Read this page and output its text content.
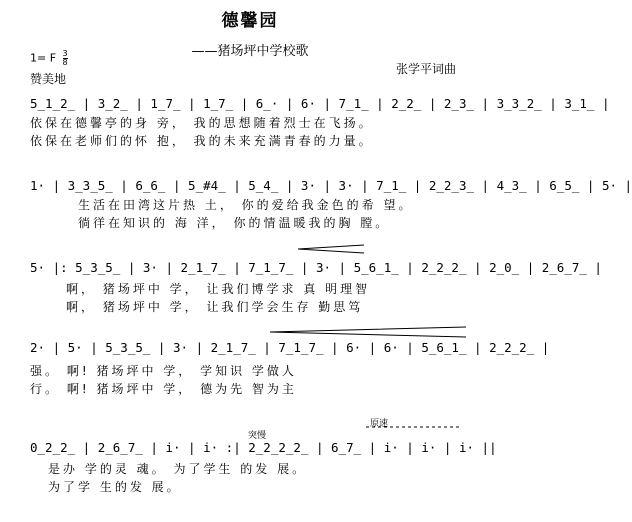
德馨园
——猪场坪中学校歌
1= F $\frac{3}{8}$
赞美地
张学平词曲
5̲1̲2̲ | 3̲2̲ | 1̲7̲ | 1̲7̲ | 6̲· | 6· | 7̲1̲ | 2̲2̲ | 2̲3̲ | 3̲3̲2̲ | 3̲1̲ |
依保在德馨亭的身 旁， 我的思想随着烈士在飞扬。
依保在老师们的怀 抱， 我的未来充满青春的力量。
1· | 3̲3̲5̲ | 6̲6̲ | 5̲#4̲ | 5̲4̲ | 3· | 3· | 7̲1̲ | 2̲2̲3̲ | 4̲3̲ | 6̲5̲ | 5· |
生活在田湾这片热 土， 你的爱给我金色的希 望。
徜徉在知识的 海 洋， 你的情温暖我的胸 膛。
5· |: 5̲3̲5̲ | 3· | 2̲1̲7̲ | 7̲1̲7̲ | 3· | 5̲6̲1̲ | 2̲2̲2̲ | 2̲0̲ | 2̲6̲7̲ |
啊， 猪场坪中 学， 让我们博学求 真 明理智
啊， 猪场坪中 学， 让我们学会生存 勤思笃
2· | 5· | 5̲3̲5̲ | 3· | 2̲1̲7̲ | 7̲1̲7̲ | 6· | 6· | 5̲6̲1̲ | 2̲2̲2̲ |
强。 啊! 猪场坪中 学， 学知识 学做人
行。 啊! 猪场坪中 学， 德为先 智为主
突慢
原速
0̲2̲2̲ | 2̲6̲7̲ | i· | i· :| 2̲2̲2̲2̲ | 6̲7̲ | i· | i· | i· ||
是办 学的灵 魂。 为了学生 的发 展。
为了学 生的发 展。
